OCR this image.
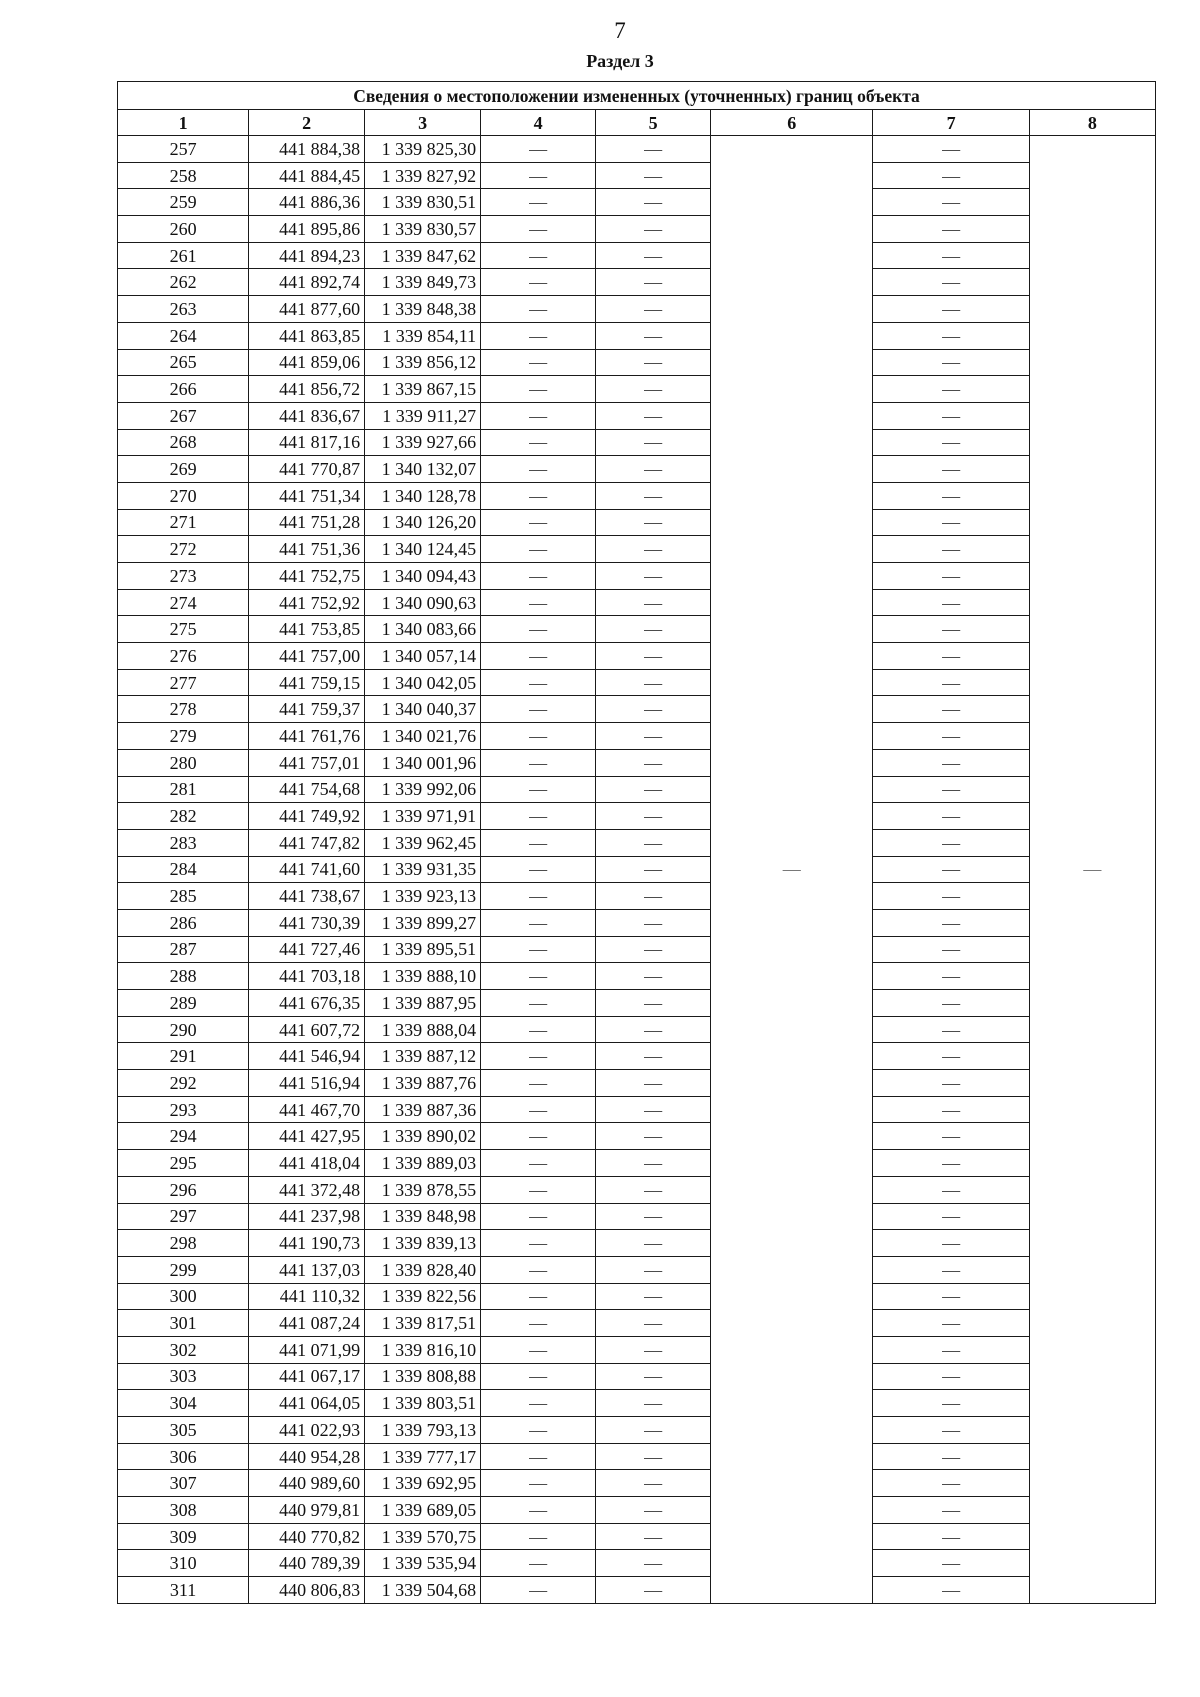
7
Раздел 3
Сведения о местоположении измененных (уточненных) границ объекта							
1	2	3	4	5	6	7	8
257	441 884,38	1 339 825,30	—	—	—	—	—
258	441 884,45	1 339 827,92	—	—		—	
259	441 886,36	1 339 830,51	—	—		—	
260	441 895,86	1 339 830,57	—	—		—	
261	441 894,23	1 339 847,62	—	—		—	
262	441 892,74	1 339 849,73	—	—		—	
263	441 877,60	1 339 848,38	—	—		—	
264	441 863,85	1 339 854,11	—	—		—	
265	441 859,06	1 339 856,12	—	—		—	
266	441 856,72	1 339 867,15	—	—		—	
267	441 836,67	1 339 911,27	—	—		—	
268	441 817,16	1 339 927,66	—	—		—	
269	441 770,87	1 340 132,07	—	—		—	
270	441 751,34	1 340 128,78	—	—		—	
271	441 751,28	1 340 126,20	—	—		—	
272	441 751,36	1 340 124,45	—	—		—	
273	441 752,75	1 340 094,43	—	—		—	
274	441 752,92	1 340 090,63	—	—		—	
275	441 753,85	1 340 083,66	—	—		—	
276	441 757,00	1 340 057,14	—	—		—	
277	441 759,15	1 340 042,05	—	—		—	
278	441 759,37	1 340 040,37	—	—		—	
279	441 761,76	1 340 021,76	—	—		—	
280	441 757,01	1 340 001,96	—	—		—	
281	441 754,68	1 339 992,06	—	—		—	
282	441 749,92	1 339 971,91	—	—		—	
283	441 747,82	1 339 962,45	—	—		—	
284	441 741,60	1 339 931,35	—	—		—	
285	441 738,67	1 339 923,13	—	—		—	
286	441 730,39	1 339 899,27	—	—		—	
287	441 727,46	1 339 895,51	—	—		—	
288	441 703,18	1 339 888,10	—	—		—	
289	441 676,35	1 339 887,95	—	—		—	
290	441 607,72	1 339 888,04	—	—		—	
291	441 546,94	1 339 887,12	—	—		—	
292	441 516,94	1 339 887,76	—	—		—	
293	441 467,70	1 339 887,36	—	—		—	
294	441 427,95	1 339 890,02	—	—		—	
295	441 418,04	1 339 889,03	—	—		—	
296	441 372,48	1 339 878,55	—	—		—	
297	441 237,98	1 339 848,98	—	—		—	
298	441 190,73	1 339 839,13	—	—		—	
299	441 137,03	1 339 828,40	—	—		—	
300	441 110,32	1 339 822,56	—	—		—	
301	441 087,24	1 339 817,51	—	—		—	
302	441 071,99	1 339 816,10	—	—		—	
303	441 067,17	1 339 808,88	—	—		—	
304	441 064,05	1 339 803,51	—	—		—	
305	441 022,93	1 339 793,13	—	—		—	
306	440 954,28	1 339 777,17	—	—		—	
307	440 989,60	1 339 692,95	—	—		—	
308	440 979,81	1 339 689,05	—	—		—	
309	440 770,82	1 339 570,75	—	—		—	
310	440 789,39	1 339 535,94	—	—		—	
311	440 806,83	1 339 504,68	—	—		—	
